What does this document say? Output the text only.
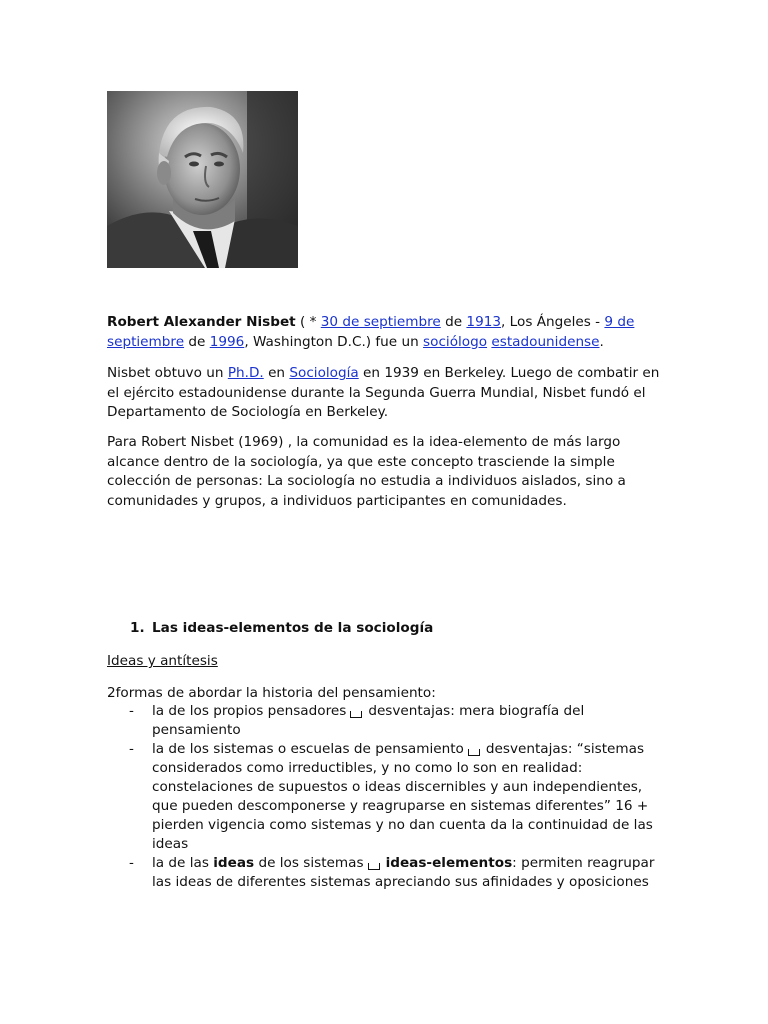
Robert Alexander Nisbet ( * 30 de septiembre de 1913, Los Ángeles - 9 de septiembre de 1996, Washington D.C.) fue un sociólogo estadounidense.

Nisbet obtuvo un Ph.D. en Sociología en 1939 en Berkeley. Luego de combatir en el ejército estadounidense durante la Segunda Guerra Mundial, Nisbet fundó el Departamento de Sociología en Berkeley.

Para Robert Nisbet (1969) , la comunidad es la idea-elemento de más largo alcance dentro de la sociología, ya que este concepto trasciende la simple colección de personas: La sociología no estudia a individuos aislados, sino a comunidades y grupos, a individuos participantes en comunidades.

1. Las ideas-elementos de la sociología

Ideas y antítesis

2formas de abordar la historia del pensamiento:

- la de los propios pensadores desventajas: mera biografía del pensamiento
- la de los sistemas o escuelas de pensamiento desventajas: “sistemas considerados como irreductibles, y no como lo son en realidad: constelaciones de supuestos o ideas discernibles y aun independientes, que pueden descomponerse y reagruparse en sistemas diferentes” 16 + pierden vigencia como sistemas y no dan cuenta da la continuidad de las ideas
- la de las ideas de los sistemas ideas-elementos: permiten reagrupar las ideas de diferentes sistemas apreciando sus afinidades y oposiciones
